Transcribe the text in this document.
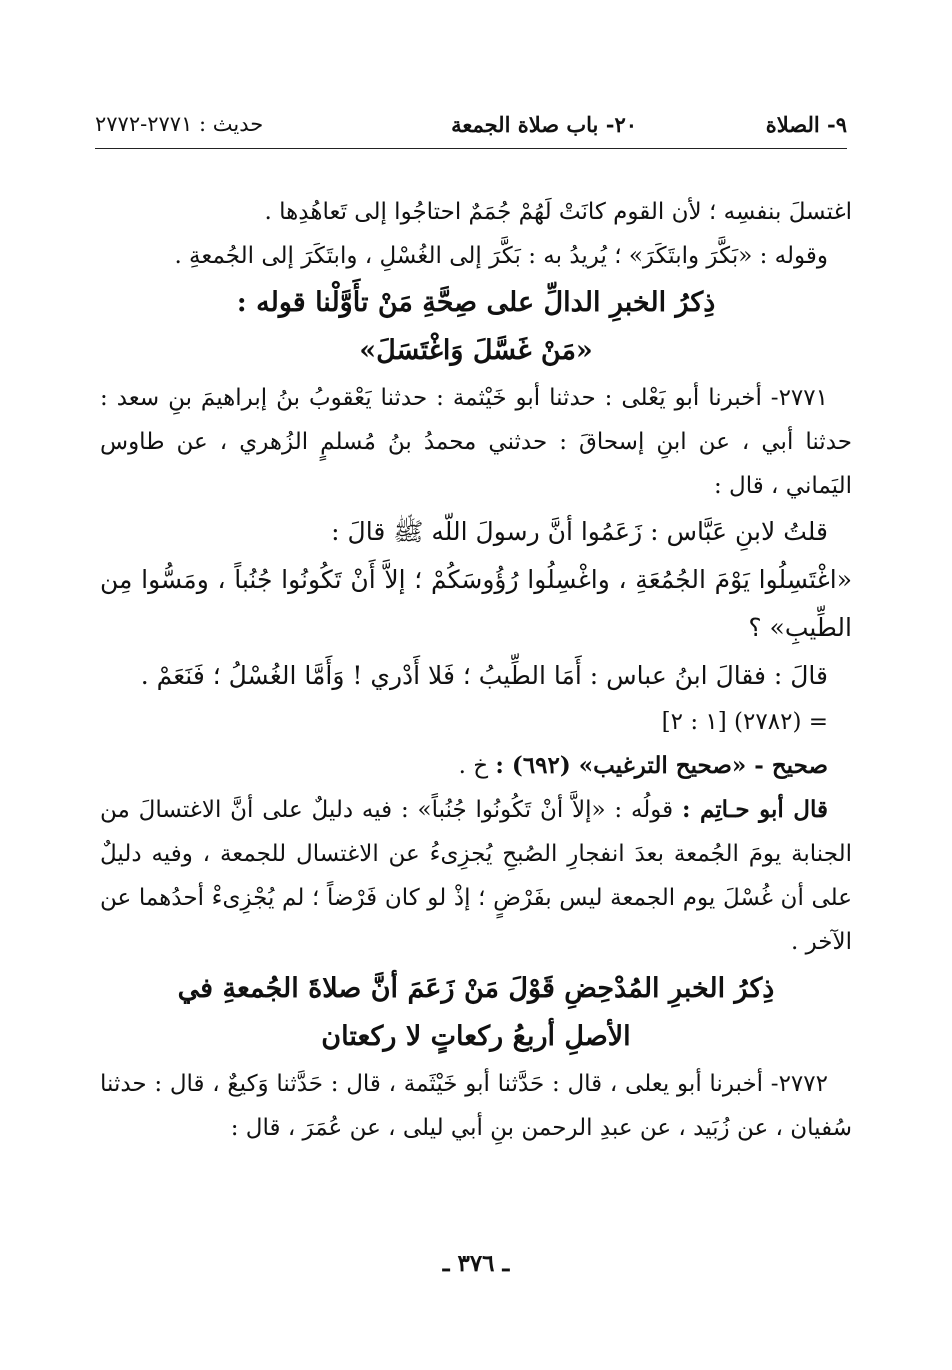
٩- الصلاة
٢٠- باب صلاة الجمعة
حديث : ٢٧٧١-٢٧٧٢

اغتسلَ بنفسِه ؛ لأن القوم كانَتْ لَهُمْ جُمَمٌ احتاجُوا إلى تَعاهُدِها .

وقوله : «بَكَّرَ وابتَكَرَ» ؛ يُريدُ به : بَكَّرَ إلى الغُسْلِ ، وابتَكَرَ إلى الجُمعةِ .

ذِكرُ الخبرِ الدالِّ على صِحَّةِ مَنْ تأَوَّلْنا قوله :

«مَنْ غَسَّلَ وَاغْتَسَلَ»

٢٧٧١- أخبرنا أبو يَعْلى : حدثنا أبو خَيْثمة : حدثنا يَعْقوبُ بنُ إبراهيمَ بنِ سعد : حدثنا أبي ، عن ابنِ إسحاقَ : حدثني محمدُ بنُ مُسلمٍ الزُهري ، عن طاوس اليَماني ، قال :

قلتُ لابنِ عَبَّاس : زَعَمُوا أنَّ رسولَ اللّه ﷺ قالَ :

«اغْتَسِلُوا يَوْمَ الجُمُعَةِ ، واغْسِلُوا رُؤُوسَكُمْ ؛ إلاَّ أَنْ تَكُونُوا جُنُباً ، ومَسُّوا مِن الطِّيبِ» ؟

قالَ : فقالَ ابنُ عباس : أَمَا الطِّيبُ ؛ فَلا أَدْري ! وَأَمَّا الغُسْلُ ؛ فَنَعَمْ .

= (٢٧٨٢) [١ : ٢]

صحيح - «صحيح الترغيب» (٦٩٢) : خ .

قال أبو حـاتِم : قولُه : «إلاَّ أنْ تَكُونُوا جُنُباً» : فيه دليلٌ على أنَّ الاغتسالَ من الجنابة يومَ الجُمعة بعدَ انفجارِ الصُبحِ يُجزِىءُ عن الاغتسال للجمعة ، وفيه دليلٌ على أن غُسْلَ يوم الجمعة ليس بفَرْضٍ ؛ إذْ لو كان فَرْضاً ؛ لم يُجْزِىءْ أحدُهما عن الآخر .

ذِكرُ الخبرِ المُدْحِضِ قَوْلَ مَنْ زَعَمَ أنَّ صلاةَ الجُمعةِ في

الأصلِ أربعُ ركعاتٍ لا ركعتان

٢٧٧٢- أخبرنا أبو يعلى ، قال : حَدَّثنا أبو خَيْثَمة ، قال : حَدَّثنا وَكيعٌ ، قال : حدثنا سُفيان ، عن زُبَيد ، عن عبدِ الرحمن بنِ أبي ليلى ، عن عُمَرَ ، قال :

ـ ٣٧٦ ـ
